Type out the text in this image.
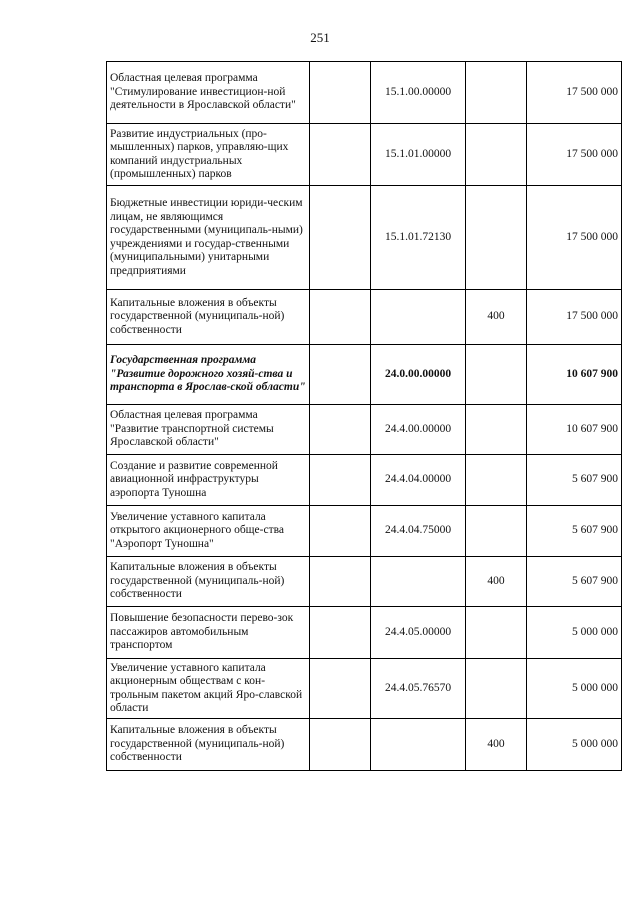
251
Областная целевая программа "Стимулирование инвестицион-ной деятельности в Ярославской области"		15.1.00.00000		17 500 000
Развитие индустриальных (про-мышленных) парков, управляю-щих компаний индустриальных (промышленных) парков		15.1.01.00000		17 500 000
Бюджетные инвестиции юриди-ческим лицам, не являющимся государственными (муниципаль-ными) учреждениями и государ-ственными (муниципальными) унитарными предприятиями		15.1.01.72130		17 500 000
Капитальные вложения в объекты государственной (муниципаль-ной) собственности			400	17 500 000
Государственная программа "Развитие дорожного хозяй-ства и транспорта в Ярослав-ской области"		24.0.00.00000		10 607 900
Областная целевая программа "Развитие транспортной системы Ярославской области"		24.4.00.00000		10 607 900
Создание и развитие современной авиационной инфраструктуры аэропорта Туношна		24.4.04.00000		5 607 900
Увеличение уставного капитала открытого акционерного обще-ства "Аэропорт Туношна"		24.4.04.75000		5 607 900
Капитальные вложения в объекты государственной (муниципаль-ной) собственности			400	5 607 900
Повышение безопасности перево-зок пассажиров автомобильным транспортом		24.4.05.00000		5 000 000
Увеличение уставного капитала акционерным обществам с кон-трольным пакетом акций Яро-славской области		24.4.05.76570		5 000 000
Капитальные вложения в объекты государственной (муниципаль-ной) собственности			400	5 000 000
